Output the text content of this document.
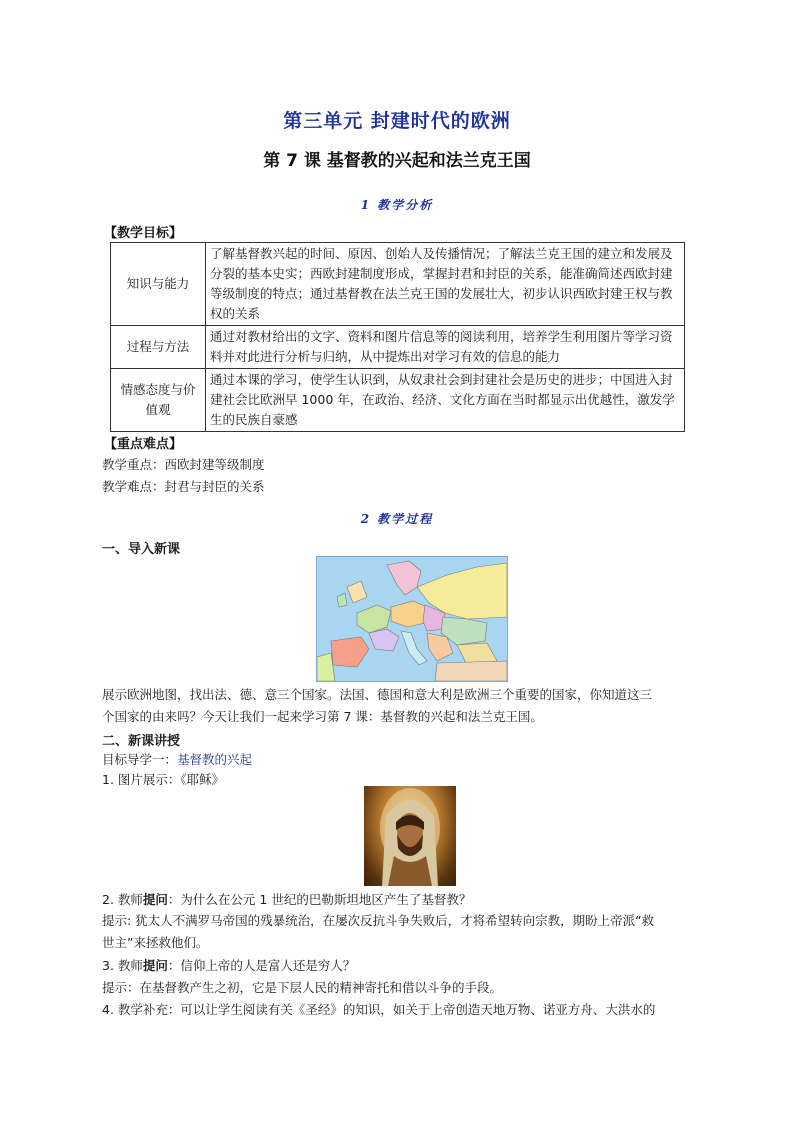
第三单元 封建时代的欧洲
第 7 课 基督教的兴起和法兰克王国
1 教学分析
【教学目标】
知识与能力	了解基督教兴起的时间、原因、创始人及传播情况；了解法兰克王国的建立和发展及分裂的基本史实；西欧封建制度形成，掌握封君和封臣的关系，能准确简述西欧封建等级制度的特点；通过基督教在法兰克王国的发展壮大，初步认识西欧封建王权与教权的关系
过程与方法	通过对教材给出的文字、资料和图片信息等的阅读利用，培养学生利用图片等学习资料并对此进行分析与归纳，从中提炼出对学习有效的信息的能力
情感态度与价值观	通过本课的学习，使学生认识到，从奴隶社会到封建社会是历史的进步；中国进入封建社会比欧洲早 1000 年，在政治、经济、文化方面在当时都显示出优越性，激发学生的民族自豪感
【重点难点】
教学重点：西欧封建等级制度
教学难点：封君与封臣的关系
2 教学过程
一、导入新课
展示欧洲地图，找出法、德、意三个国家。法国、德国和意大利是欧洲三个重要的国家，你知道这三
个国家的由来吗？今天让我们一起来学习第 7 课：基督教的兴起和法兰克王国。
二、新课讲授
目标导学一：基督教的兴起
1. 图片展示：《耶稣》
2. 教师提问：为什么在公元 1 世纪的巴勒斯坦地区产生了基督教？
提示: 犹太人不满罗马帝国的残暴统治，在屡次反抗斗争失败后，才将希望转向宗教，期盼上帝派“救
世主”来拯救他们。
3. 教师提问：信仰上帝的人是富人还是穷人？
提示：在基督教产生之初，它是下层人民的精神寄托和借以斗争的手段。
4. 教学补充：可以让学生阅读有关《圣经》的知识，如关于上帝创造天地万物、诺亚方舟、大洪水的
